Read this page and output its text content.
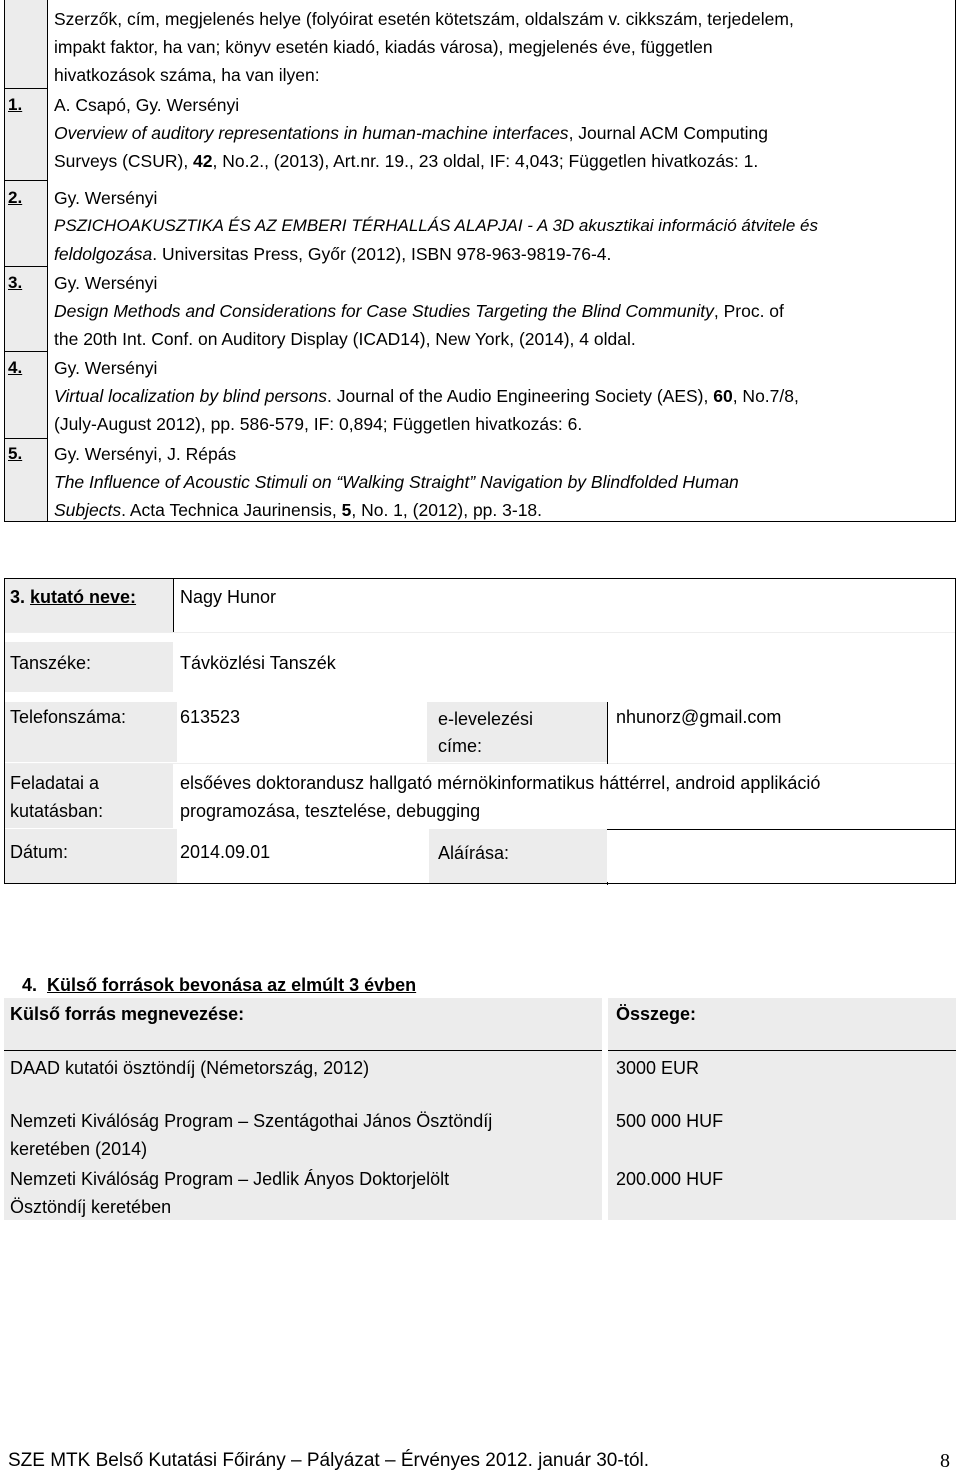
Szerzők, cím, megjelenés helye (folyóirat esetén kötetszám, oldalszám v. cikkszám, terjedelem,
impakt faktor, ha van; könyv esetén kiadó, kiadás városa), megjelenés éve, független
hivatkozások száma, ha van ilyen:
1. A. Csapó, Gy. Wersényi
Overview of auditory representations in human-machine interfaces, Journal ACM Computing
Surveys (CSUR), 42, No.2., (2013), Art.nr. 19., 23 oldal, IF: 4,043; Független hivatkozás: 1.
2. Gy. Wersényi
PSZICHOAKUSZTIKA ÉS AZ EMBERI TÉRHALLÁS ALAPJAI - A 3D akusztikai információ átvitele és
feldolgozása. Universitas Press, Győr (2012), ISBN 978-963-9819-76-4.
3. Gy. Wersényi
Design Methods and Considerations for Case Studies Targeting the Blind Community, Proc. of
the 20th Int. Conf. on Auditory Display (ICAD14), New York, (2014), 4 oldal.
4. Gy. Wersényi
Virtual localization by blind persons. Journal of the Audio Engineering Society (AES), 60, No.7/8,
(July-August 2012), pp. 586-579, IF: 0,894; Független hivatkozás: 6.
5. Gy. Wersényi, J. Répás
The Influence of Acoustic Stimuli on “Walking Straight” Navigation by Blindfolded Human
Subjects. Acta Technica Jaurinensis, 5, No. 1, (2012), pp. 3-18.
3. kutató neve: Nagy Hunor
Tanszéke:	Távközlési Tanszék
Telefonszáma:	613523	e-levelezési
címe:
nhunorz@gmail.com
Feladatai a
kutatásban:
elsőéves doktorandusz hallgató mérnökinformatikus háttérrel, android applikáció
programozása, tesztelése, debugging
Dátum:	2014.09.01	Aláírása:
4. Külső források bevonása az elmúlt 3 évben
Külső forrás megnevezése:	Összege:
DAAD kutatói ösztöndíj (Németország, 2012)	3000 EUR
Nemzeti Kiválóság Program – Szentágothai János Ösztöndíj
keretében (2014)
500 000 HUF
Nemzeti Kiválóság Program – Jedlik Ányos Doktorjelölt
Ösztöndíj keretében
200.000 HUF
SZE MTK Belső Kutatási Főirány – Pályázat – Érvényes 2012. január 30-tól.	8
